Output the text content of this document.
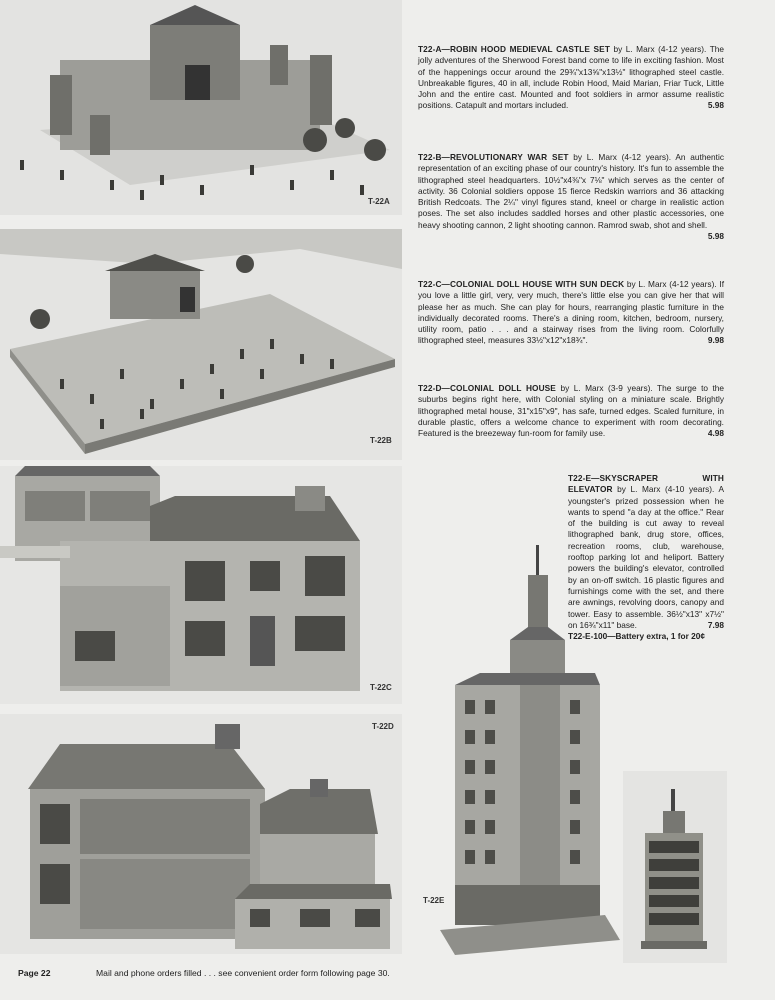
T-22A
T-22B
T-22C
T-22D
T-22E
T22-A—ROBIN HOOD MEDIEVAL CASTLE SET by L. Marx (4-12 years). The jolly adventures of the Sherwood Forest band come to life in exciting fashion. Most of the happenings occur around the 29¾"x13⅝"x13½" lithographed steel castle. Unbreakable figures, 40 in all, include Robin Hood, Maid Marian, Friar Tuck, Little John and the entire cast. Mounted and foot soldiers in armor assume realistic positions. Catapult and mortars included.	5.98
T22-B—REVOLUTIONARY WAR SET by L. Marx (4-12 years). An authentic representation of an exciting phase of our country's history. It's fun to assemble the lithographed steel headquarters. 10½"x4⅜"x 7⅛" which serves as the center of activity. 36 Colonial soldiers oppose 15 fierce Redskin warriors and 36 attacking British Redcoats. The 2¼" vinyl figures stand, kneel or charge in realistic action poses. The set also includes saddled horses and other plastic accessories, one heavy shooting cannon, 2 light shooting cannon. Ramrod swab, shot and shell.
5.98
T22-C—COLONIAL DOLL HOUSE WITH SUN DECK by L. Marx (4-12 years). If you love a little girl, very, very much, there's little else you can give her that will please her as much. She can play for hours, rearranging plastic furniture in the individually decorated rooms. There's a dining room, kitchen, bedroom, nursery, utility room, patio . . . and a stairway rises from the living room. Colorfully lithographed steel, measures 33½"x12"x18¾".	9.98
T22-D—COLONIAL DOLL HOUSE by L. Marx (3-9 years). The surge to the suburbs begins right here, with Colonial styling on a miniature scale. Brightly lithographed metal house, 31"x15"x9", has safe, turned edges. Scaled furniture, in durable plastic, offers a welcome chance to experiment with room decorating. Featured is the breezeway fun-room for family use.	4.98
T22-E—SKYSCRAPER WITH ELEVATOR by L. Marx (4-10 years). A youngster's prized possession when he wants to spend "a day at the office." Rear of the building is cut away to reveal lithographed bank, drug store, offices, recreation rooms, club, warehouse, rooftop parking lot and heliport. Battery powers the building's elevator, controlled by an on-off switch. 16 plastic figures and furnishings come with the set, and there are awnings, revolving doors, canopy and tower. Easy to assemble. 36½"x13" x7½" on 16¾"x11" base.	7.98
T22-E-100—Battery extra, 1 for 20¢
Page 22	Mail and phone orders filled . . . see convenient order form following page 30.
